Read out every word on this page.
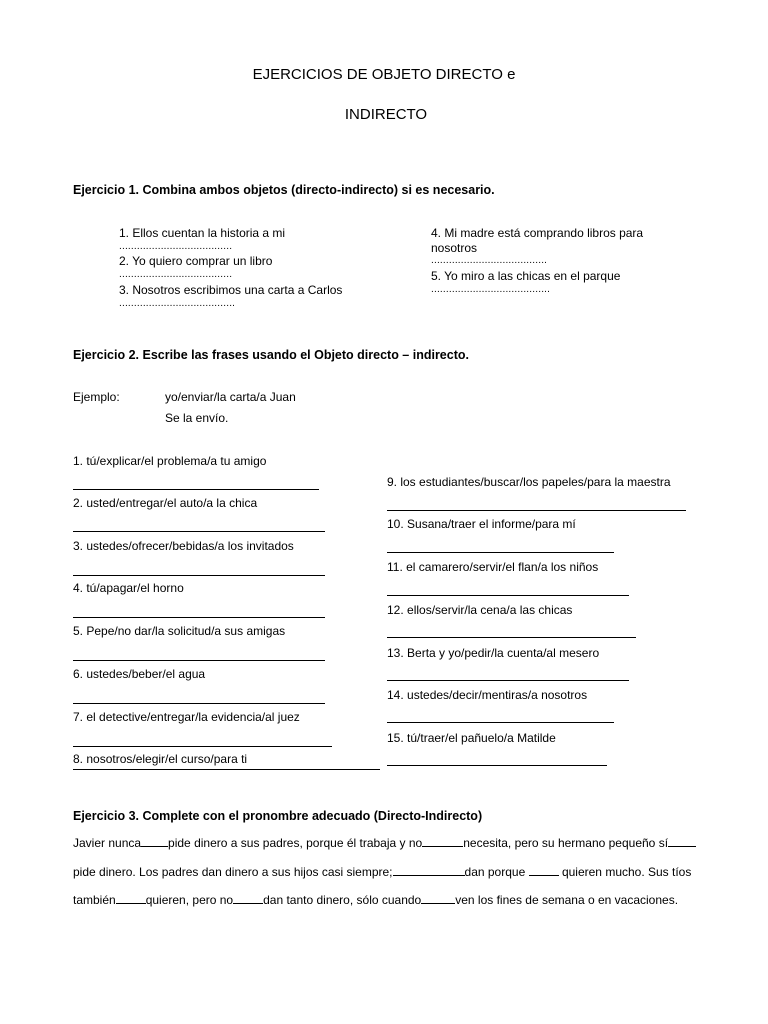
EJERCICIOS DE OBJETO DIRECTO e
INDIRECTO
Ejercicio 1. Combina ambos objetos (directo-indirecto) si es necesario.
1. Ellos cuentan la historia a mi
......................................
2. Yo quiero comprar un libro
......................................
3. Nosotros escribimos una carta a Carlos
.......................................
4. Mi madre está comprando libros para
nosotros
.......................................
5. Yo miro a las chicas en el parque
........................................
Ejercicio 2. Escribe las frases usando el Objeto directo – indirecto.
Ejemplo:	yo/enviar/la carta/a Juan
Se la envío.
1. tú/explicar/el problema/a tu amigo
2. usted/entregar/el auto/a la chica
3. ustedes/ofrecer/bebidas/a los invitados
4. tú/apagar/el horno
5. Pepe/no dar/la solicitud/a sus amigas
6. ustedes/beber/el agua
7. el detective/entregar/la evidencia/al juez
8. nosotros/elegir/el curso/para ti
9. los estudiantes/buscar/los papeles/para la maestra
10. Susana/traer el informe/para mí
11. el camarero/servir/el flan/a los niños
12. ellos/servir/la cena/a las chicas
13. Berta y yo/pedir/la cuenta/al mesero
14. ustedes/decir/mentiras/a nosotros
15. tú/traer/el pañuelo/a Matilde
Ejercicio 3. Complete con el pronombre adecuado (Directo-Indirecto)
Javier nunca pide dinero a sus padres, porque él trabaja y no	necesita, pero su hermano pequeño sípide dinero. Los padres dan dinero a sus hijos casi siempre;	dan porque	quieren mucho. Sus tíos también	quieren, pero no	dan tanto dinero, sólo cuando	ven los fines de semana o en vacaciones.
